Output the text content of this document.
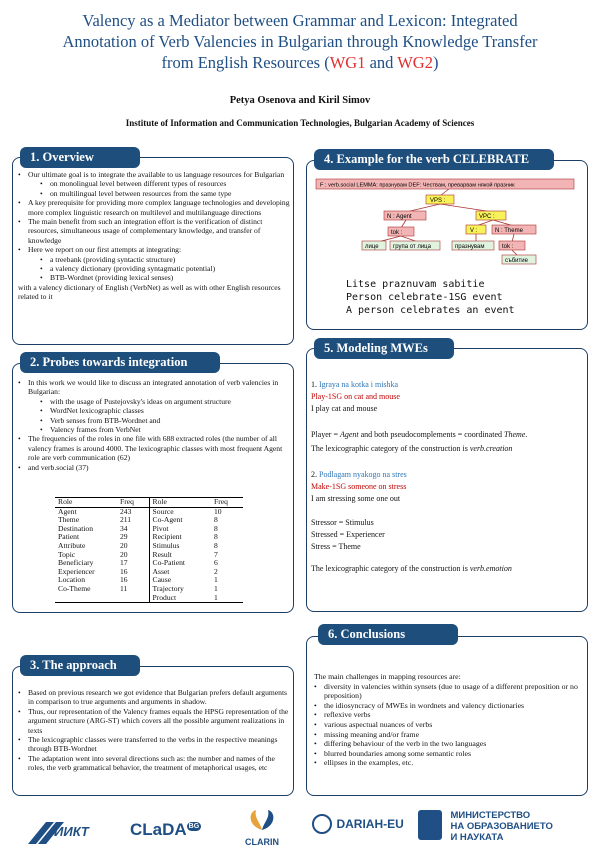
Valency as a Mediator between Grammar and Lexicon: Integrated
Annotation of Verb Valencies in Bulgarian through Knowledge Transfer
from English Resources (WG1 and WG2)
Petya Osenova and Kiril Simov
Institute of Information and Communication Technologies, Bulgarian Academy of Sciences
1. Overview
• Our ultimate goal is to integrate the available to us language resources for Bulgarian
• on monolingual level between different types of resources
• on multilingual level between resources from the same type
• A key prerequisite for providing more complex language technologies and developing more complex linguistic research on multilevel and multilanguage directions
• The main benefit from such an integration effort is the verification of distinct resources, simultaneous usage of complementary knowledge, and transfer of knowledge
• Here we report on our first attempts at integrating:
• a treebank (providing syntactic structure)
• a valency dictionary (providing syntagmatic potential)
• BTB-Wordnet (providing lexical senses)
with a valency dictionary of English (VerbNet) as well as with other English resources related to it
2. Probes towards integration
• In this work we would like to discuss an integrated annotation of verb valencies in Bulgarian:
• with the usage of Pustejovsky's ideas on argument structure
• WordNet lexicographic classes
• Verb senses from BTB-Wordnet and
• Valency frames from VerbNet
• The frequencies of the roles in one file with 688 extracted roles (the number of all valency frames is around 4000. The lexicographic classes with most frequent Agent role are verb communication (62)
• and verb.social (37)
Role	Freq	Role	Freq
Agent	243	Source	10
Theme	211	Co-Agent	8
Destination	34	Pivot	8
Patient	29	Recipient	8
Attribute	20	Stimulus	8
Topic	20	Result	7
Beneficiary	17	Co-Patient	6
Experiencer	16	Asset	2
Location	16	Cause	1
Co-Theme	11	Trajectory	1
		Product	1
3. The approach
• Based on previous research we got evidence that Bulgarian prefers default arguments in comparison to true arguments and arguments in shadow.
• Thus, our representation of the Valency frames equals the HPSG representation of the argument structure (ARG-ST) which covers all the possible argument realizations in texts
• The lexicographic classes were transferred to the verbs in the respective meanings through BTB-Wordnet
• The adaptation went into several directions such as: the number and names of the roles, the verb grammatical behavior, the treatment of metaphorical usages, etc
4. Example for the verb CELEBRATE
F : verb.social LEMMA: празнувам DEF: Чествам, преварвам някой празник
VPS :
N : Agent	VPC :
tok :	V :	N : Theme
лице група от лица	празнувам	tok :
събитие
Litse praznuvam sabitie
Person celebrate-1SG event
A person celebrates an event
5. Modeling MWEs
1. Igraya na kotka i mishka
Play-1SG on cat and mouse
I play cat and mouse
Player = Agent and both pseudocomplements = coordinated Theme.
The lexicographic category of the construction is verb.creation
2. Podlagam nyakogo na stres
Make-1SG someone on stress
I am stressing some one out
Stressor = Stimulus
Stressed = Experiencer
Stress = Theme
The lexicographic category of the construction is verb.emotion
6. Conclusions
The main challenges in mapping resources are:
• diversity in valencies within synsets (due to usage of a different preposition or no preposition)
• the idiosyncracy of MWEs in wordnets and valency dictionaries
• reflexive verbs
• various aspectual nuances of verbs
• missing meaning and/or frame
• differing behaviour of the verb in the two languages
• blurred boundaries among some semantic roles
• ellipses in the examples, etc.
ИИКТ CLaDA $^{BG}$
CLARIN
DARIAH-EU

МИНИСТЕРСТВО
НА ОБРАЗОВАНИЕТО
И НАУКАТА
